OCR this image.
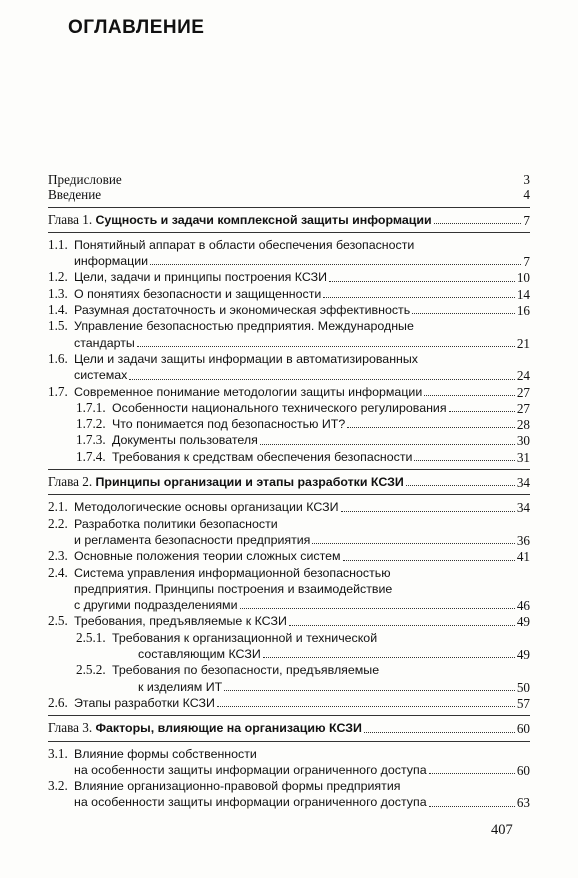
ОГЛАВЛЕНИЕ
Предисловие	3
Введение	4
Глава 1. Сущность и задачи комплексной защиты информации	7
1.1. Понятийный аппарат в области обеспечения безопасности
информации	7
1.2. Цели, задачи и принципы построения КСЗИ	10
1.3. О понятиях безопасности и защищенности	14
1.4. Разумная достаточность и экономическая эффективность	16
1.5. Управление безопасностью предприятия. Международные
стандарты	21
1.6. Цели и задачи защиты информации в автоматизированных
системах	24
1.7. Современное понимание методологии защиты информации	27
1.7.1. Особенности национального технического регулирования	27
1.7.2. Что понимается под безопасностью ИТ?	28
1.7.3. Документы пользователя	30
1.7.4. Требования к средствам обеспечения безопасности	31
Глава 2. Принципы организации и этапы разработки КСЗИ	34
2.1. Методологические основы организации КСЗИ	34
2.2. Разработка политики безопасности
и регламента безопасности предприятия	36
2.3. Основные положения теории сложных систем	41
2.4. Система управления информационной безопасностью
предприятия. Принципы построения и взаимодействие
с другими подразделениями	46
2.5. Требования, предъявляемые к КСЗИ	49
2.5.1. Требования к организационной и технической
составляющим КСЗИ	49
2.5.2. Требования по безопасности, предъявляемые
к изделиям ИТ	50
2.6. Этапы разработки КСЗИ	57
Глава 3. Факторы, влияющие на организацию КСЗИ	60
3.1. Влияние формы собственности
на особенности защиты информации ограниченного доступа	60
3.2. Влияние организационно-правовой формы предприятия
на особенности защиты информации ограниченного доступа	63
407
